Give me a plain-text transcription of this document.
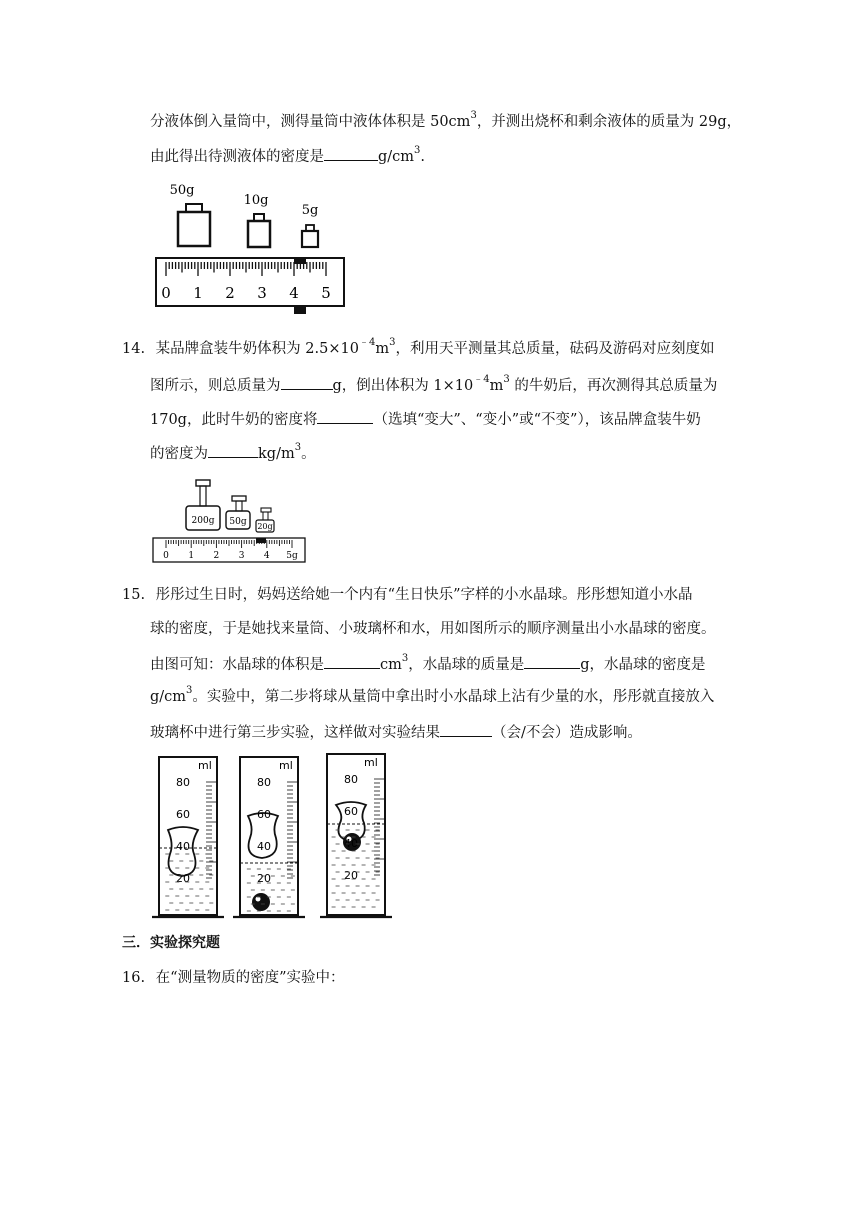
分液体倒入量筒中，测得量筒中液体体积是 $50cm^3$，并测出烧杯和剩余液体的质量为 29g，
由此得出待测液体的密度是	$g/cm^3$.
50g
10g
5g
0 1 2 3 4 5
14. 某品牌盒装牛奶体积为 $2.5\times 10^{﹣4}m^3$，利用天平测量其总质量，砝码及游码对应刻度如
图所示，则总质量为	g，倒出体积为 $1\times 10^{﹣4}m^3$ 的牛奶后，再次测得其总质量为
170g，此时牛奶的密度将	（选填“变大”、“变小”或“不变”），该品牌盒装牛奶
的密度为	$kg/m^3$。
200g 50g 20g
0 1 2 3 4 5g
15. 彤彤过生日时，妈妈送给她一个内有“生日快乐”字样的小水晶球。彤彤想知道小水晶
球的密度，于是她找来量筒、小玻璃杯和水，用如图所示的顺序测量出小水晶球的密度。
由图可知：水晶球的体积是	$cm^3$，水晶球的质量是	g，水晶球的密度是
$g/cm^3$。实验中，第二步将球从量筒中拿出时小水晶球上沾有少量的水，彤彤就直接放入
玻璃杯中进行第三步实验，这样做对实验结果	（会/不会）造成影响。
ml
80
60
40
20
ml
80
60
40
20
ml
80
60
40
20
三．实验探究题
16. 在“测量物质的密度”实验中：
